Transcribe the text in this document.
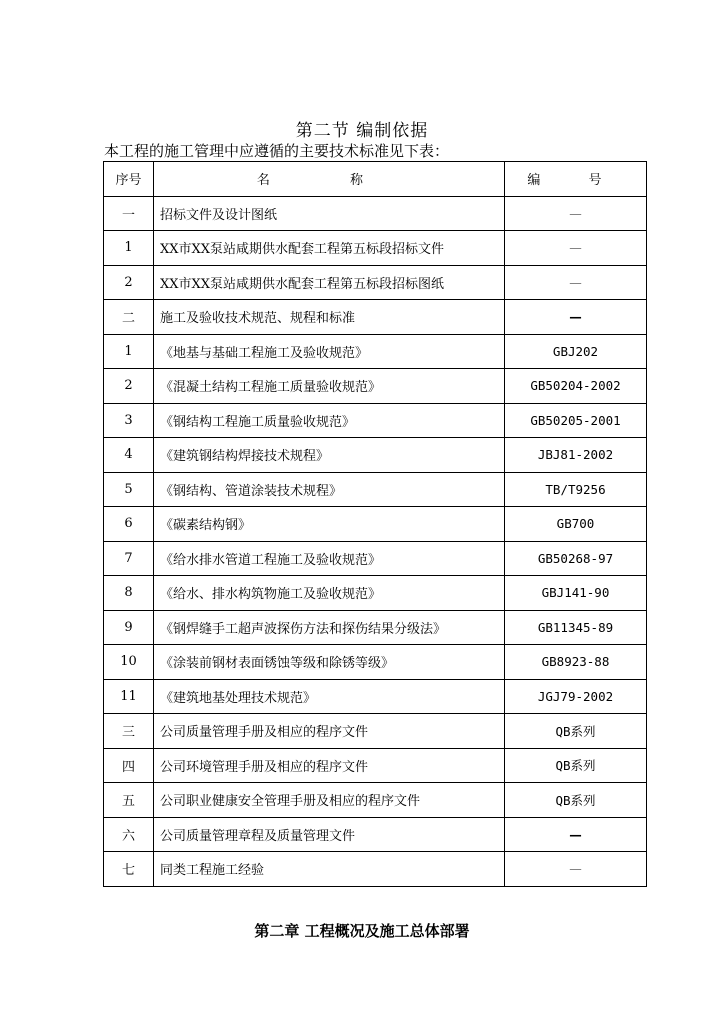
第二节 编制依据
本工程的施工管理中应遵循的主要技术标准见下表：
序号	名 称	编 号
一	招标文件及设计图纸	—
1	XX市XX泵站咸期供水配套工程第五标段招标文件	—
2	XX市XX泵站咸期供水配套工程第五标段招标图纸	—
二	施工及验收技术规范、规程和标准	—
1	《地基与基础工程施工及验收规范》	GBJ202
2	《混凝土结构工程施工质量验收规范》	GB50204-2002
3	《钢结构工程施工质量验收规范》	GB50205-2001
4	《建筑钢结构焊接技术规程》	JBJ81-2002
5	《钢结构、管道涂装技术规程》	TB/T9256
6	《碳素结构钢》	GB700
7	《给水排水管道工程施工及验收规范》	GB50268-97
8	《给水、排水构筑物施工及验收规范》	GBJ141-90
9	《钢焊缝手工超声波探伤方法和探伤结果分级法》	GB11345-89
10	《涂装前钢材表面锈蚀等级和除锈等级》	GB8923-88
11	《建筑地基处理技术规范》	JGJ79-2002
三	公司质量管理手册及相应的程序文件	QB系列
四	公司环境管理手册及相应的程序文件	QB系列
五	公司职业健康安全管理手册及相应的程序文件	QB系列
六	公司质量管理章程及质量管理文件	—
七	同类工程施工经验	—
第二章 工程概况及施工总体部署
